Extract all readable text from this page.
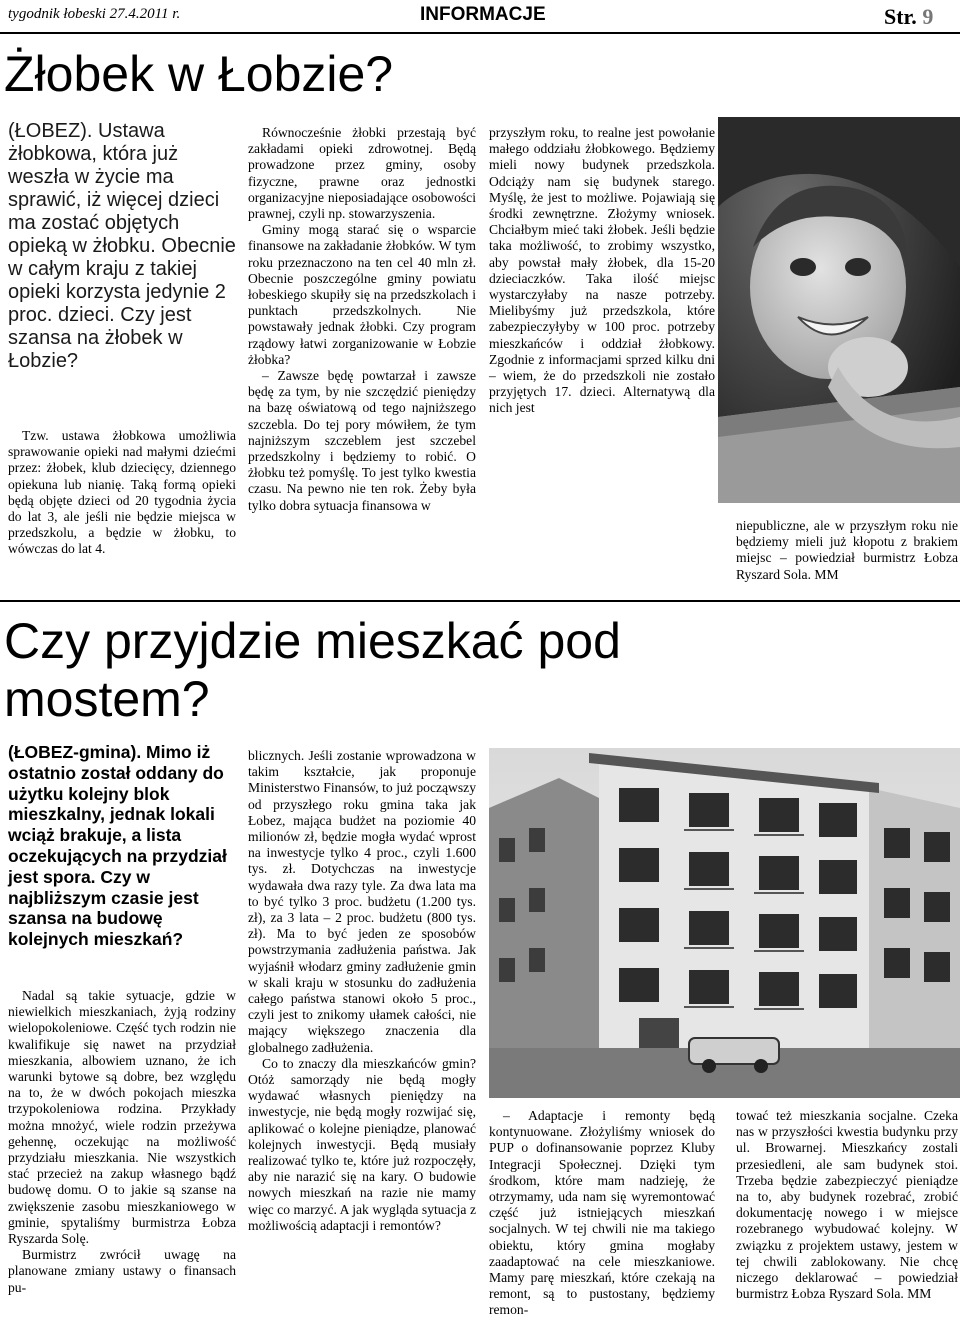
tygodnik łobeski 27.4.2011 r.	INFORMACJE	Str. 9
Żłobek w Łobzie?
(ŁOBEZ). Ustawa żłobkowa, która już weszła w życie ma sprawić, iż więcej dzieci ma zostać objętych opieką w żłobku. Obecnie w całym kraju z takiej opieki korzysta jedynie 2 proc. dzieci. Czy jest szansa na żłobek w Łobzie?

Tzw. ustawa żłobkowa umożliwia sprawowanie opieki nad małymi dziećmi przez: żłobek, klub dziecięcy, dziennego opiekuna lub nianię. Taką formą opieki będą objęte dzieci od 20 tygodnia życia do lat 3, ale jeśli nie będzie miejsca w przedszkolu, a będzie w żłobku, to wówczas do lat 4.

Równocześnie żłobki przestają być zakładami opieki zdrowotnej. Będą prowadzone przez gminy, osoby fizyczne, prawne oraz jednostki organizacyjne nieposiadające osobowości prawnej, czyli np. stowarzyszenia.

Gminy mogą starać się o wsparcie finansowe na zakładanie żłobków. W tym roku przeznaczono na ten cel 40 mln zł. Obecnie poszczególne gminy powiatu łobeskiego skupiły się na przedszkolach i punktach przedszkolnych. Nie powstawały jednak żłobki. Czy program rządowy łatwi zorganizowanie w Łobzie żłobka?

– Zawsze będę powtarzał i zawsze będę za tym, by nie szczędzić pieniędzy na bazę oświatową od tego najniższego szczebla. Do tej pory mówiłem, że tym najniższym szczeblem jest szczebel przedszkolny i będziemy to robić. O żłobku też pomyślę. To jest tylko kwestia czasu. Na pewno nie ten rok. Żeby była tylko dobra sytuacja finansowa w

przyszłym roku, to realne jest powołanie małego oddziału żłobkowego. Będziemy mieli nowy budynek przedszkola. Odciąży nam się budynek starego. Myślę, że jest to możliwe. Pojawiają się środki zewnętrzne. Złożymy wniosek. Chciałbym mieć taki żłobek. Jeśli będzie taka możliwość, to zrobimy wszystko, aby powstał mały żłobek, dla 15-20 dzieciaczków. Taka ilość miejsc wystarczyłaby na nasze potrzeby. Mielibyśmy już przedszkola, które zabezpieczyłyby w 100 proc. potrzeby mieszkańców i oddział żłobkowy. Zgodnie z informacjami sprzed kilku dni – wiem, że do przedszkoli nie zostało przyjętych 17. dzieci. Alternatywą dla nich jest

niepubliczne, ale w przyszłym roku nie będziemy mieli już kłopotu z brakiem miejsc – powiedział burmistrz Łobza Ryszard Sola. MM

Czy przyjdzie mieszkać pod mostem?
(ŁOBEZ-gmina). Mimo iż ostatnio został oddany do użytku kolejny blok mieszkalny, jednak lokali wciąż brakuje, a lista oczekujących na przydział jest spora. Czy w najbliższym czasie jest szansa na budowę kolejnych mieszkań?

Nadal są takie sytuacje, gdzie w niewielkich mieszkaniach, żyją rodziny wielopokoleniowe. Część tych rodzin nie kwalifikuje się nawet na przydział mieszkania, albowiem uznano, że ich warunki bytowe są dobre, bez względu na to, że w dwóch pokojach mieszka trzypokoleniowa rodzina. Przykłady można mnożyć, wiele rodzin przeżywa gehennę, oczekując na możliwość przydziału mieszkania. Nie wszystkich stać przecież na zakup własnego bądź budowę domu. O to jakie są szanse na zwiększenie zasobu mieszkaniowego w gminie, spytaliśmy burmistrza Łobza Ryszarda Solę.

Burmistrz zwrócił uwagę na planowane zmiany ustawy o finansach pu-

blicznych. Jeśli zostanie wprowadzona w takim kształcie, jak proponuje Ministerstwo Finansów, to już począwszy od przyszłego roku gmina taka jak Łobez, mająca budżet na poziomie 40 milionów zł, będzie mogła wydać wprost na inwestycje tylko 4 proc., czyli 1.600 tys. zł. Dotychczas na inwestycje wydawała dwa razy tyle. Za dwa lata ma to być tylko 3 proc. budżetu (1.200 tys. zł), za 3 lata – 2 proc. budżetu (800 tys. zł). Ma to być jeden ze sposobów powstrzymania zadłużenia państwa. Jak wyjaśnił włodarz gminy zadłużenie gmin w skali kraju w stosunku do zadłużenia całego państwa stanowi około 5 proc., czyli jest to znikomy ułamek całości, nie mający większego znaczenia dla globalnego zadłużenia.

Co to znaczy dla mieszkańców gmin? Otóż samorządy nie będą mogły wydawać własnych pieniędzy na inwestycje, nie będą mogły rozwijać się, aplikować o kolejne pieniądze, planować kolejnych inwestycji. Będą musiały realizować tylko te, które już rozpoczęły, aby nie narazić się na kary. O budowie nowych mieszkań na razie nie mamy więc co marzyć. A jak wygląda sytuacja z możliwością adaptacji i remontów?

– Adaptacje i remonty będą kontynuowane. Złożyliśmy wniosek do PUP o dofinansowanie poprzez Kluby Integracji Społecznej. Dzięki tym środkom, które mam nadzieję, że otrzymamy, uda nam się wyremontować część już istniejących mieszkań socjalnych. W tej chwili nie ma takiego obiektu, który gmina mogłaby zaadaptować na cele mieszkaniowe. Mamy parę mieszkań, które czekają na remont, są to pustostany, będziemy remon-

tować też mieszkania socjalne. Czeka nas w przyszłości kwestia budynku przy ul. Browarnej. Mieszkańcy zostali przesiedleni, ale sam budynek stoi. Trzeba będzie zabezpieczyć pieniądze na to, aby budynek rozebrać, zrobić dokumentację nowego i w miejsce rozebranego wybudować kolejny. W związku z projektem ustawy, jestem w tej chwili zablokowany. Nie chcę niczego deklarować – powiedział burmistrz Łobza Ryszard Sola. MM
